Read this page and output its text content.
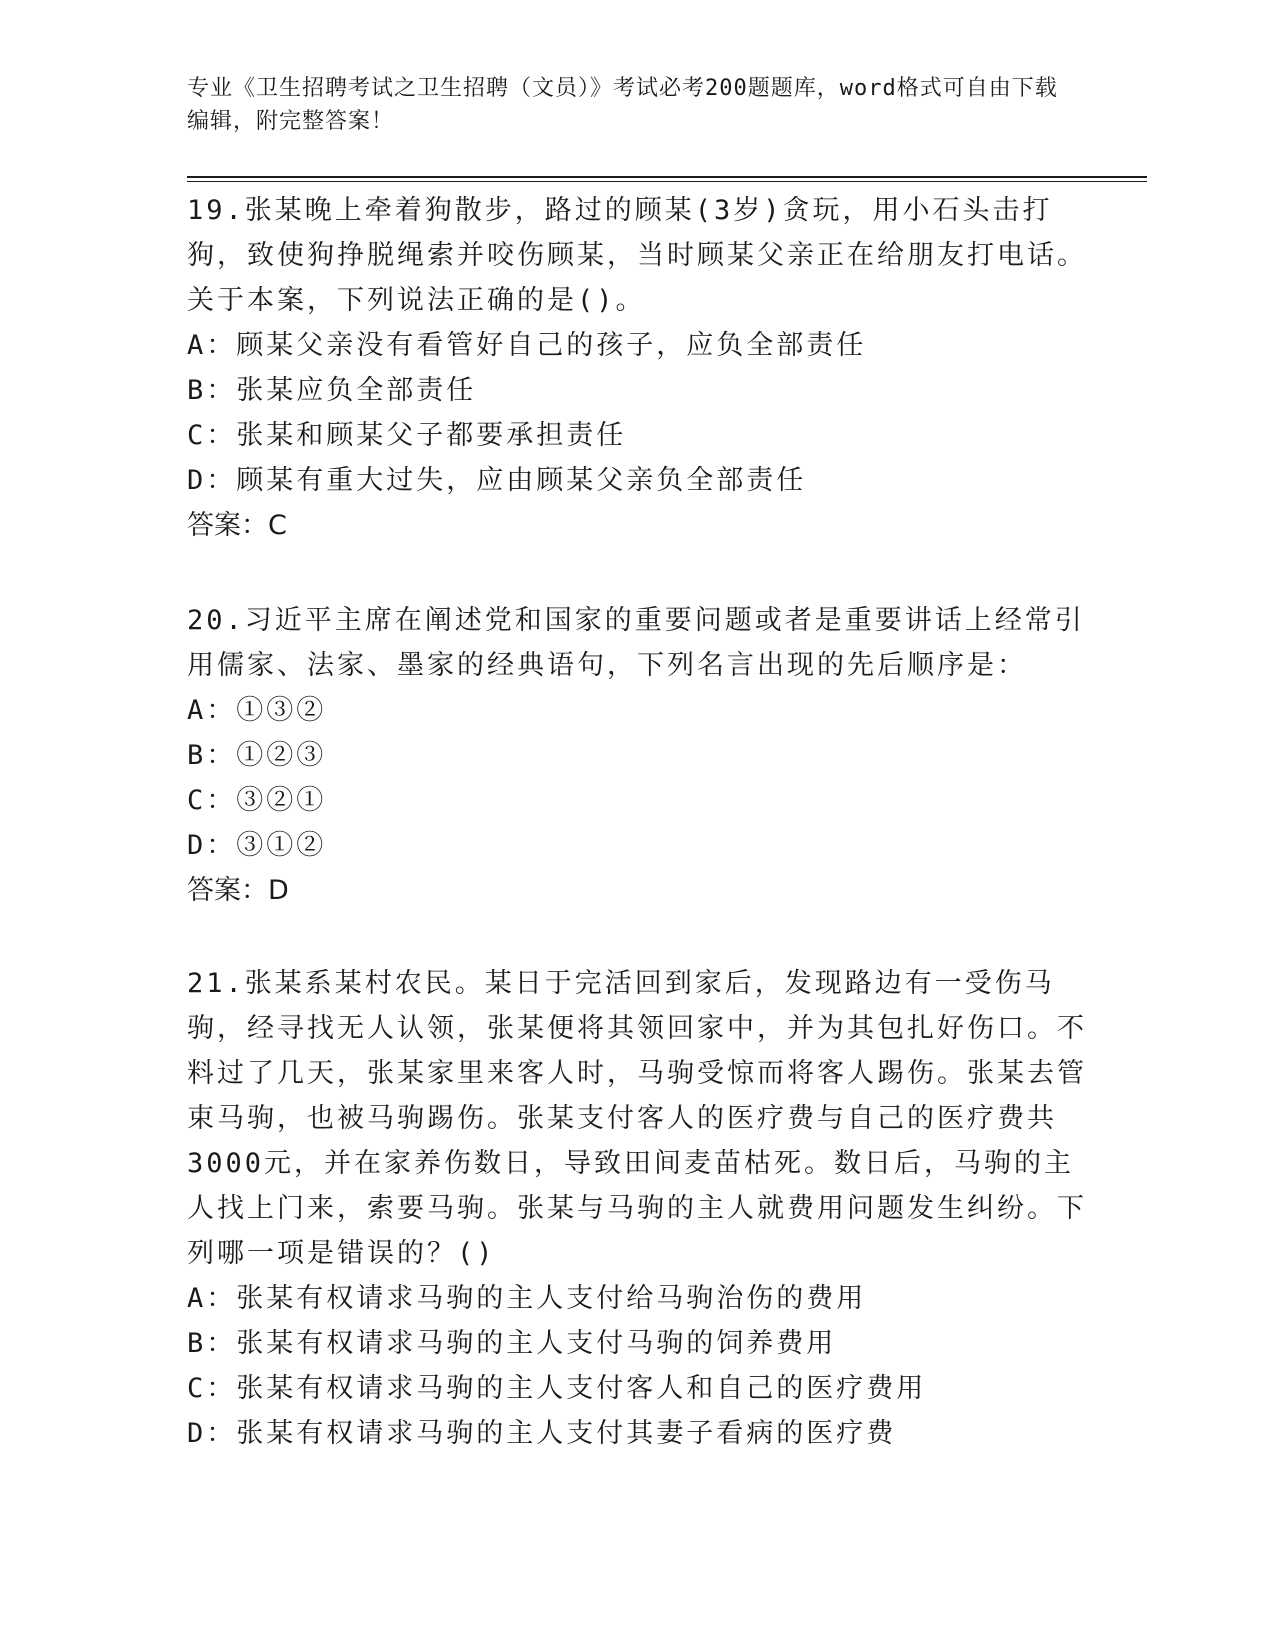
专业《卫生招聘考试之卫生招聘（文员）》考试必考200题题库，word格式可自由下载编辑，附完整答案！

19.张某晚上牵着狗散步，路过的顾某(3岁)贪玩，用小石头击打狗，致使狗挣脱绳索并咬伤顾某，当时顾某父亲正在给朋友打电话。关于本案，下列说法正确的是()。

A：顾某父亲没有看管好自己的孩子，应负全部责任

B：张某应负全部责任

C：张某和顾某父子都要承担责任

D：顾某有重大过失，应由顾某父亲负全部责任

答案：C

20.习近平主席在阐述党和国家的重要问题或者是重要讲话上经常引用儒家、法家、墨家的经典语句，下列名言出现的先后顺序是：

A：①③②

B：①②③

C：③②①

D：③①②

答案：D

21.张某系某村农民。某日于完活回到家后，发现路边有一受伤马驹，经寻找无人认领，张某便将其领回家中，并为其包扎好伤口。不料过了几天，张某家里来客人时，马驹受惊而将客人踢伤。张某去管束马驹，也被马驹踢伤。张某支付客人的医疗费与自己的医疗费共3000元，并在家养伤数日，导致田间麦苗枯死。数日后，马驹的主人找上门来，索要马驹。张某与马驹的主人就费用问题发生纠纷。下列哪一项是错误的？()

A：张某有权请求马驹的主人支付给马驹治伤的费用

B：张某有权请求马驹的主人支付马驹的饲养费用

C：张某有权请求马驹的主人支付客人和自己的医疗费用

D：张某有权请求马驹的主人支付其妻子看病的医疗费
